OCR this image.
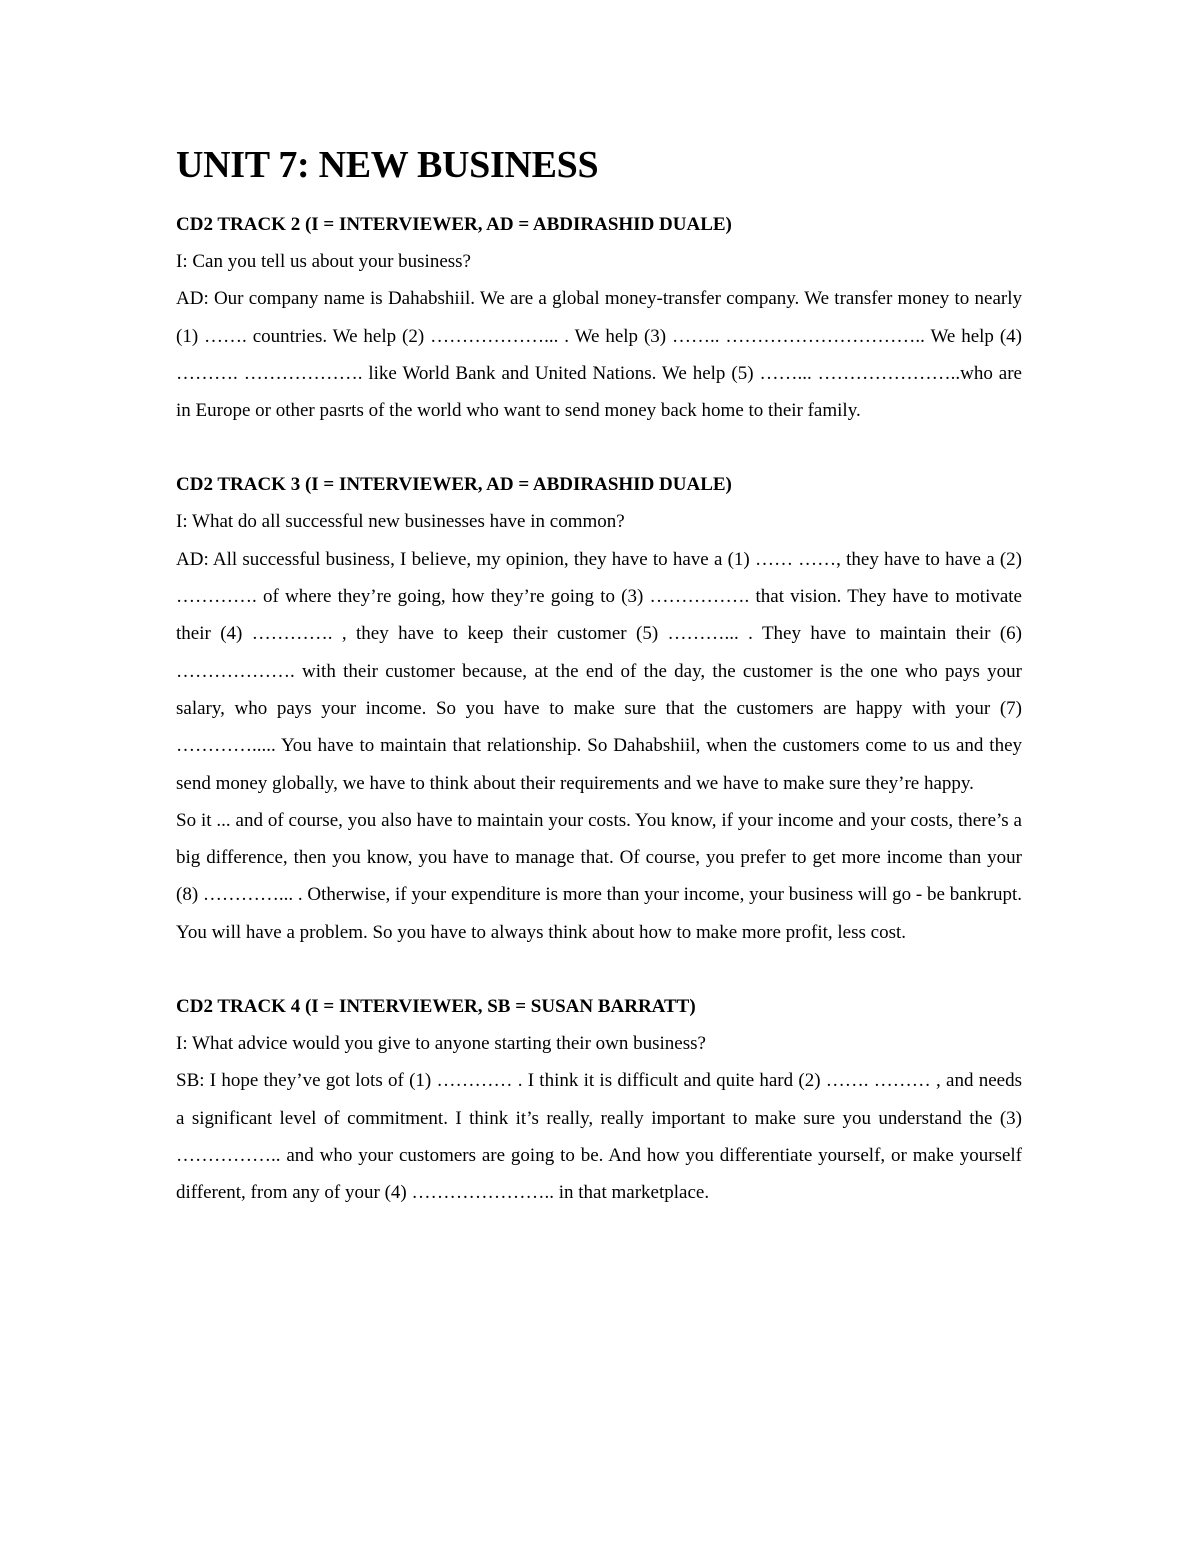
UNIT 7: NEW BUSINESS

CD2 TRACK 2 (I = INTERVIEWER, AD = ABDIRASHID DUALE)

I: Can you tell us about your business?

AD: Our company name is Dahabshiil. We are a global money-transfer company. We transfer money to nearly (1) ……. countries. We help (2) ………………... . We help (3) …….. ………………………….. We help (4) ………. ………………. like World Bank and United Nations. We help (5) ……... …………………..who are in Europe or other pasrts of the world who want to send money back home to their family.

CD2 TRACK 3 (I = INTERVIEWER, AD = ABDIRASHID DUALE)

I: What do all successful new businesses have in common?

AD: All successful business, I believe, my opinion, they have to have a (1) …… ……, they have to have a (2) …………. of where they’re going, how they’re going to (3) ……………. that vision. They have to motivate their (4) …………. , they have to keep their customer (5) ………... . They have to maintain their (6) ………………. with their customer because, at the end of the day, the customer is the one who pays your salary, who pays your income. So you have to make sure that the customers are happy with your (7) …………..... You have to maintain that relationship. So Dahabshiil, when the customers come to us and they send money globally, we have to think about their requirements and we have to make sure they’re happy.

So it ... and of course, you also have to maintain your costs. You know, if your income and your costs, there’s a big difference, then you know, you have to manage that. Of course, you prefer to get more income than your (8) …………... . Otherwise, if your expenditure is more than your income, your business will go - be bankrupt. You will have a problem. So you have to always think about how to make more profit, less cost.

CD2 TRACK 4 (I = INTERVIEWER, SB = SUSAN BARRATT)

I: What advice would you give to anyone starting their own business?

SB: I hope they’ve got lots of (1) ………… . I think it is difficult and quite hard (2) ……. ……… , and needs a significant level of commitment. I think it’s really, really important to make sure you understand the (3) …………….. and who your customers are going to be. And how you differentiate yourself, or make yourself different, from any of your (4) ………………….. in that marketplace.
